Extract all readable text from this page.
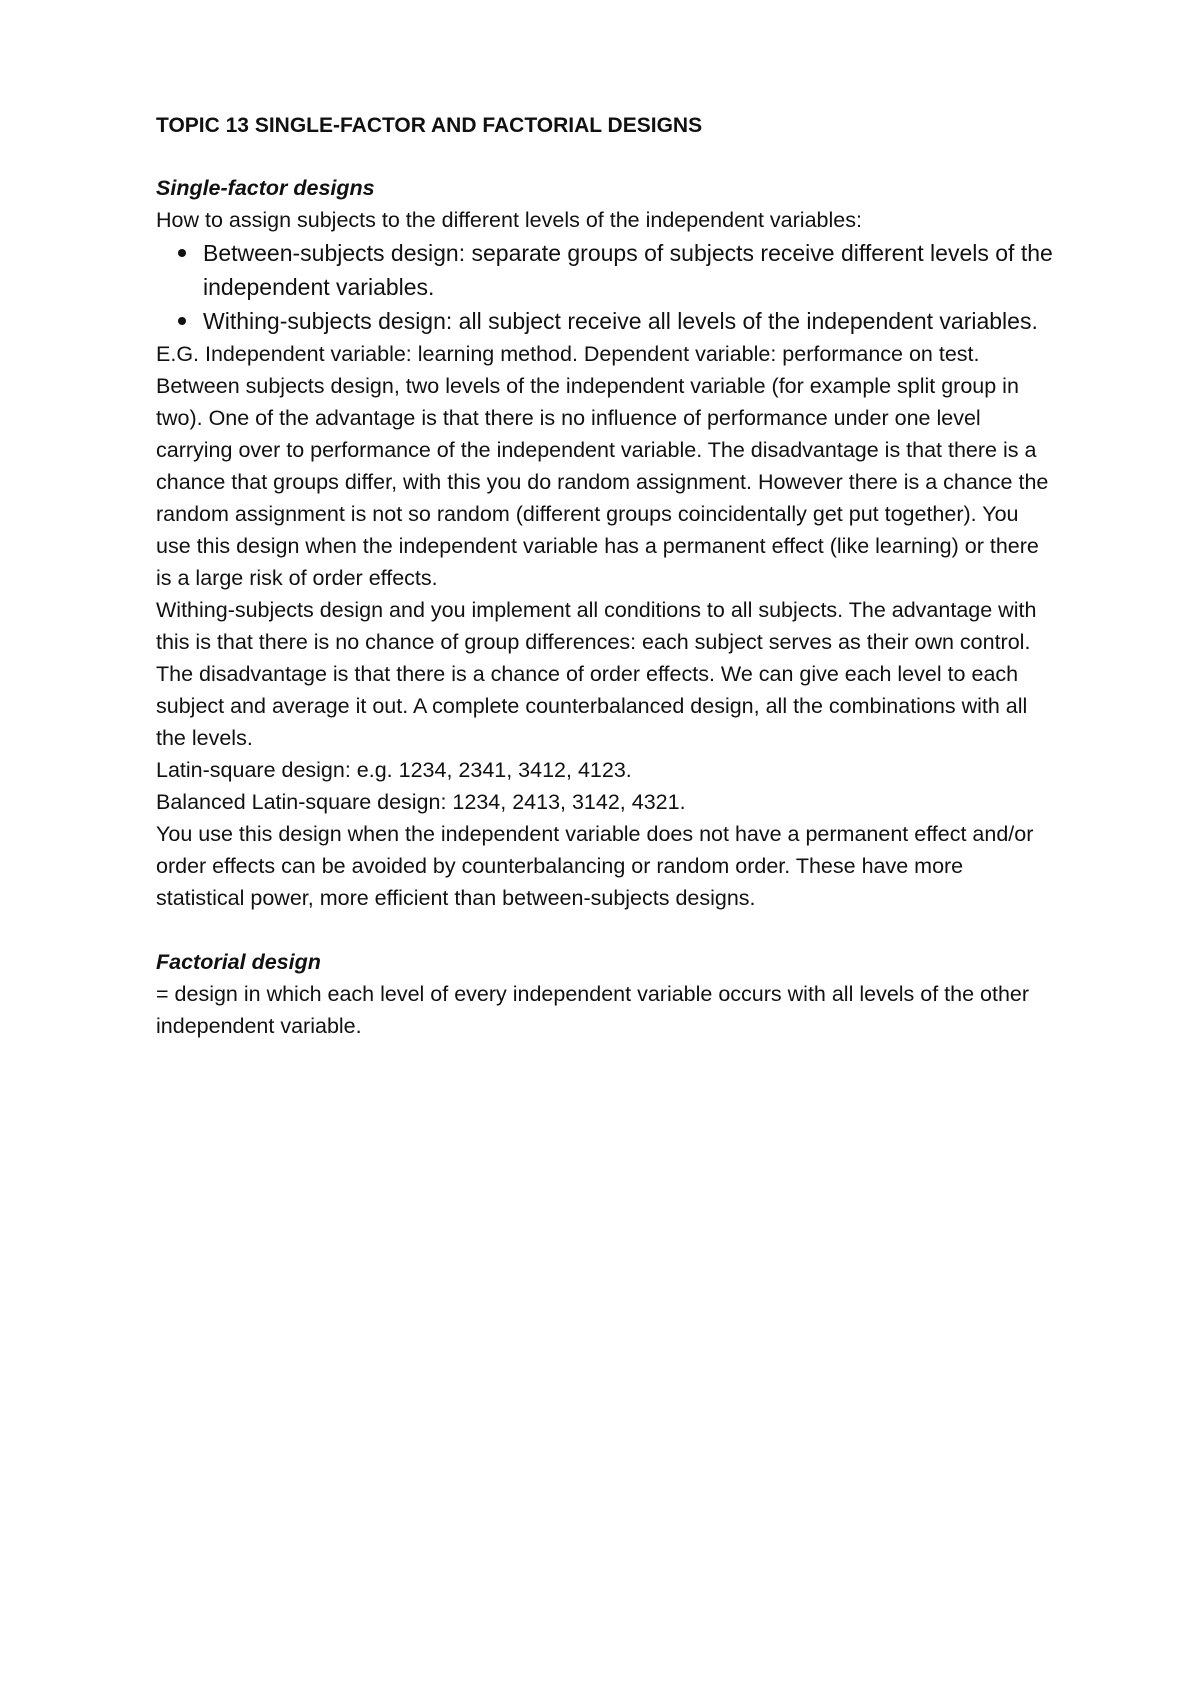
TOPIC 13 SINGLE-FACTOR AND FACTORIAL DESIGNS
Single-factor designs

How to assign subjects to the different levels of the independent variables:

Between-subjects design: separate groups of subjects receive different levels of the independent variables.
Withing-subjects design: all subject receive all levels of the independent variables.

E.G. Independent variable: learning method. Dependent variable: performance on test.

Between subjects design, two levels of the independent variable (for example split group in two). One of the advantage is that there is no influence of performance under one level carrying over to performance of the independent variable. The disadvantage is that there is a chance that groups differ, with this you do random assignment. However there is a chance the random assignment is not so random (different groups coincidentally get put together). You use this design when the independent variable has a permanent effect (like learning) or there is a large risk of order effects.

Withing-subjects design and you implement all conditions to all subjects. The advantage with this is that there is no chance of group differences: each subject serves as their own control. The disadvantage is that there is a chance of order effects. We can give each level to each subject and average it out. A complete counterbalanced design, all the combinations with all the levels.

Latin-square design: e.g. 1234, 2341, 3412, 4123.

Balanced Latin-square design: 1234, 2413, 3142, 4321.

You use this design when the independent variable does not have a permanent effect and/or order effects can be avoided by counterbalancing or random order. These have more statistical power, more efficient than between-subjects designs.

Factorial design

= design in which each level of every independent variable occurs with all levels of the other independent variable.
